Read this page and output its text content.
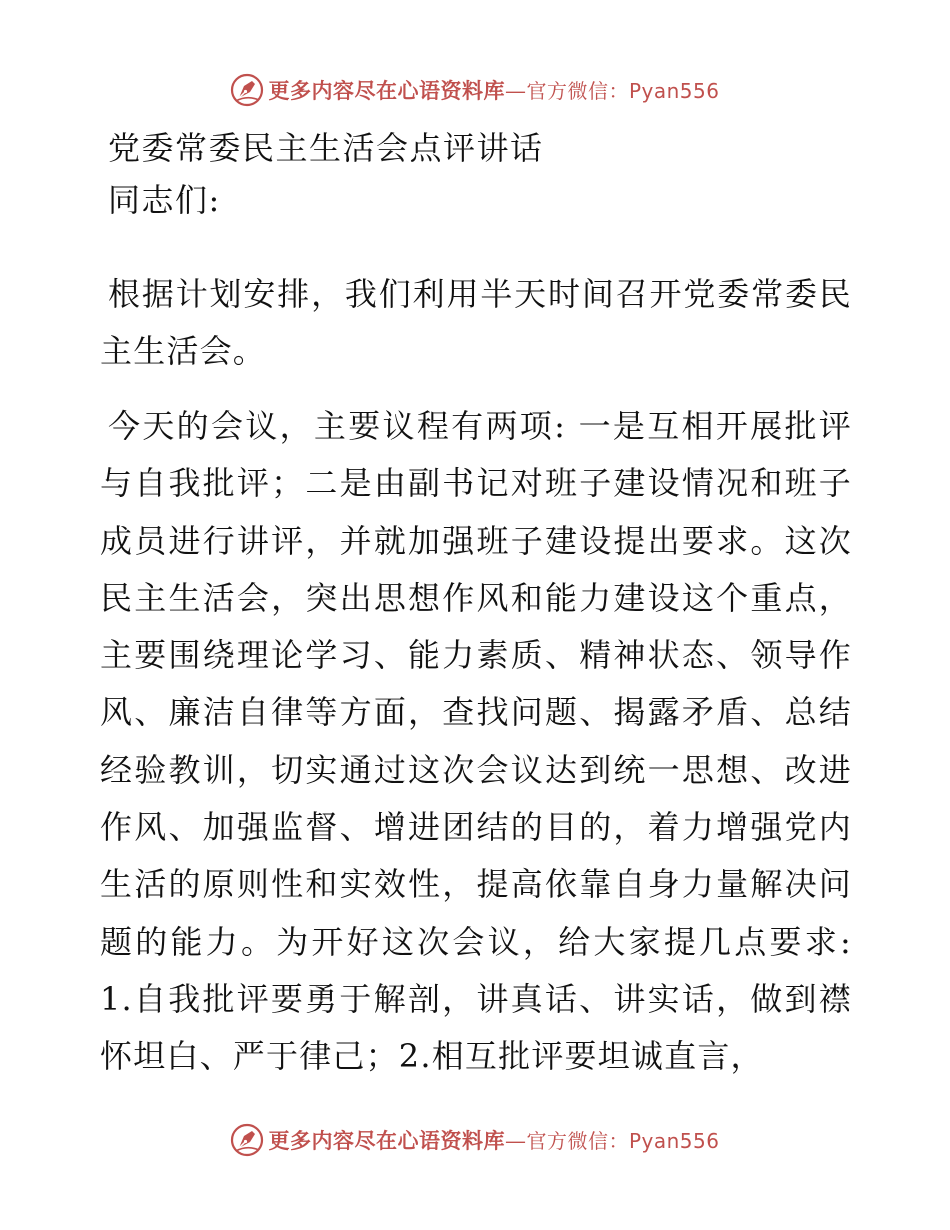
更多内容尽在心语资料库 — 官方微信：Pyan556
党委常委民主生活会点评讲话
同志们:
根据计划安排，我们利用半天时间召开党委常委民主生活会。
今天的会议，主要议程有两项: 一是互相开展批评与自我批评；二是由副书记对班子建设情况和班子成员进行讲评，并就加强班子建设提出要求。这次民主生活会，突出思想作风和能力建设这个重点，主要围绕理论学习、能力素质、精神状态、领导作风、廉洁自律等方面，查找问题、揭露矛盾、总结经验教训，切实通过这次会议达到统一思想、改进作风、加强监督、增进团结的目的，着力增强党内生活的原则性和实效性，提高依靠自身力量解决问题的能力。为开好这次会议，给大家提几点要求: 1.自我批评要勇于解剖，讲真话、讲实话，做到襟怀坦白、严于律己；2.相互批评要坦诚直言，
更多内容尽在心语资料库 — 官方微信：Pyan556
